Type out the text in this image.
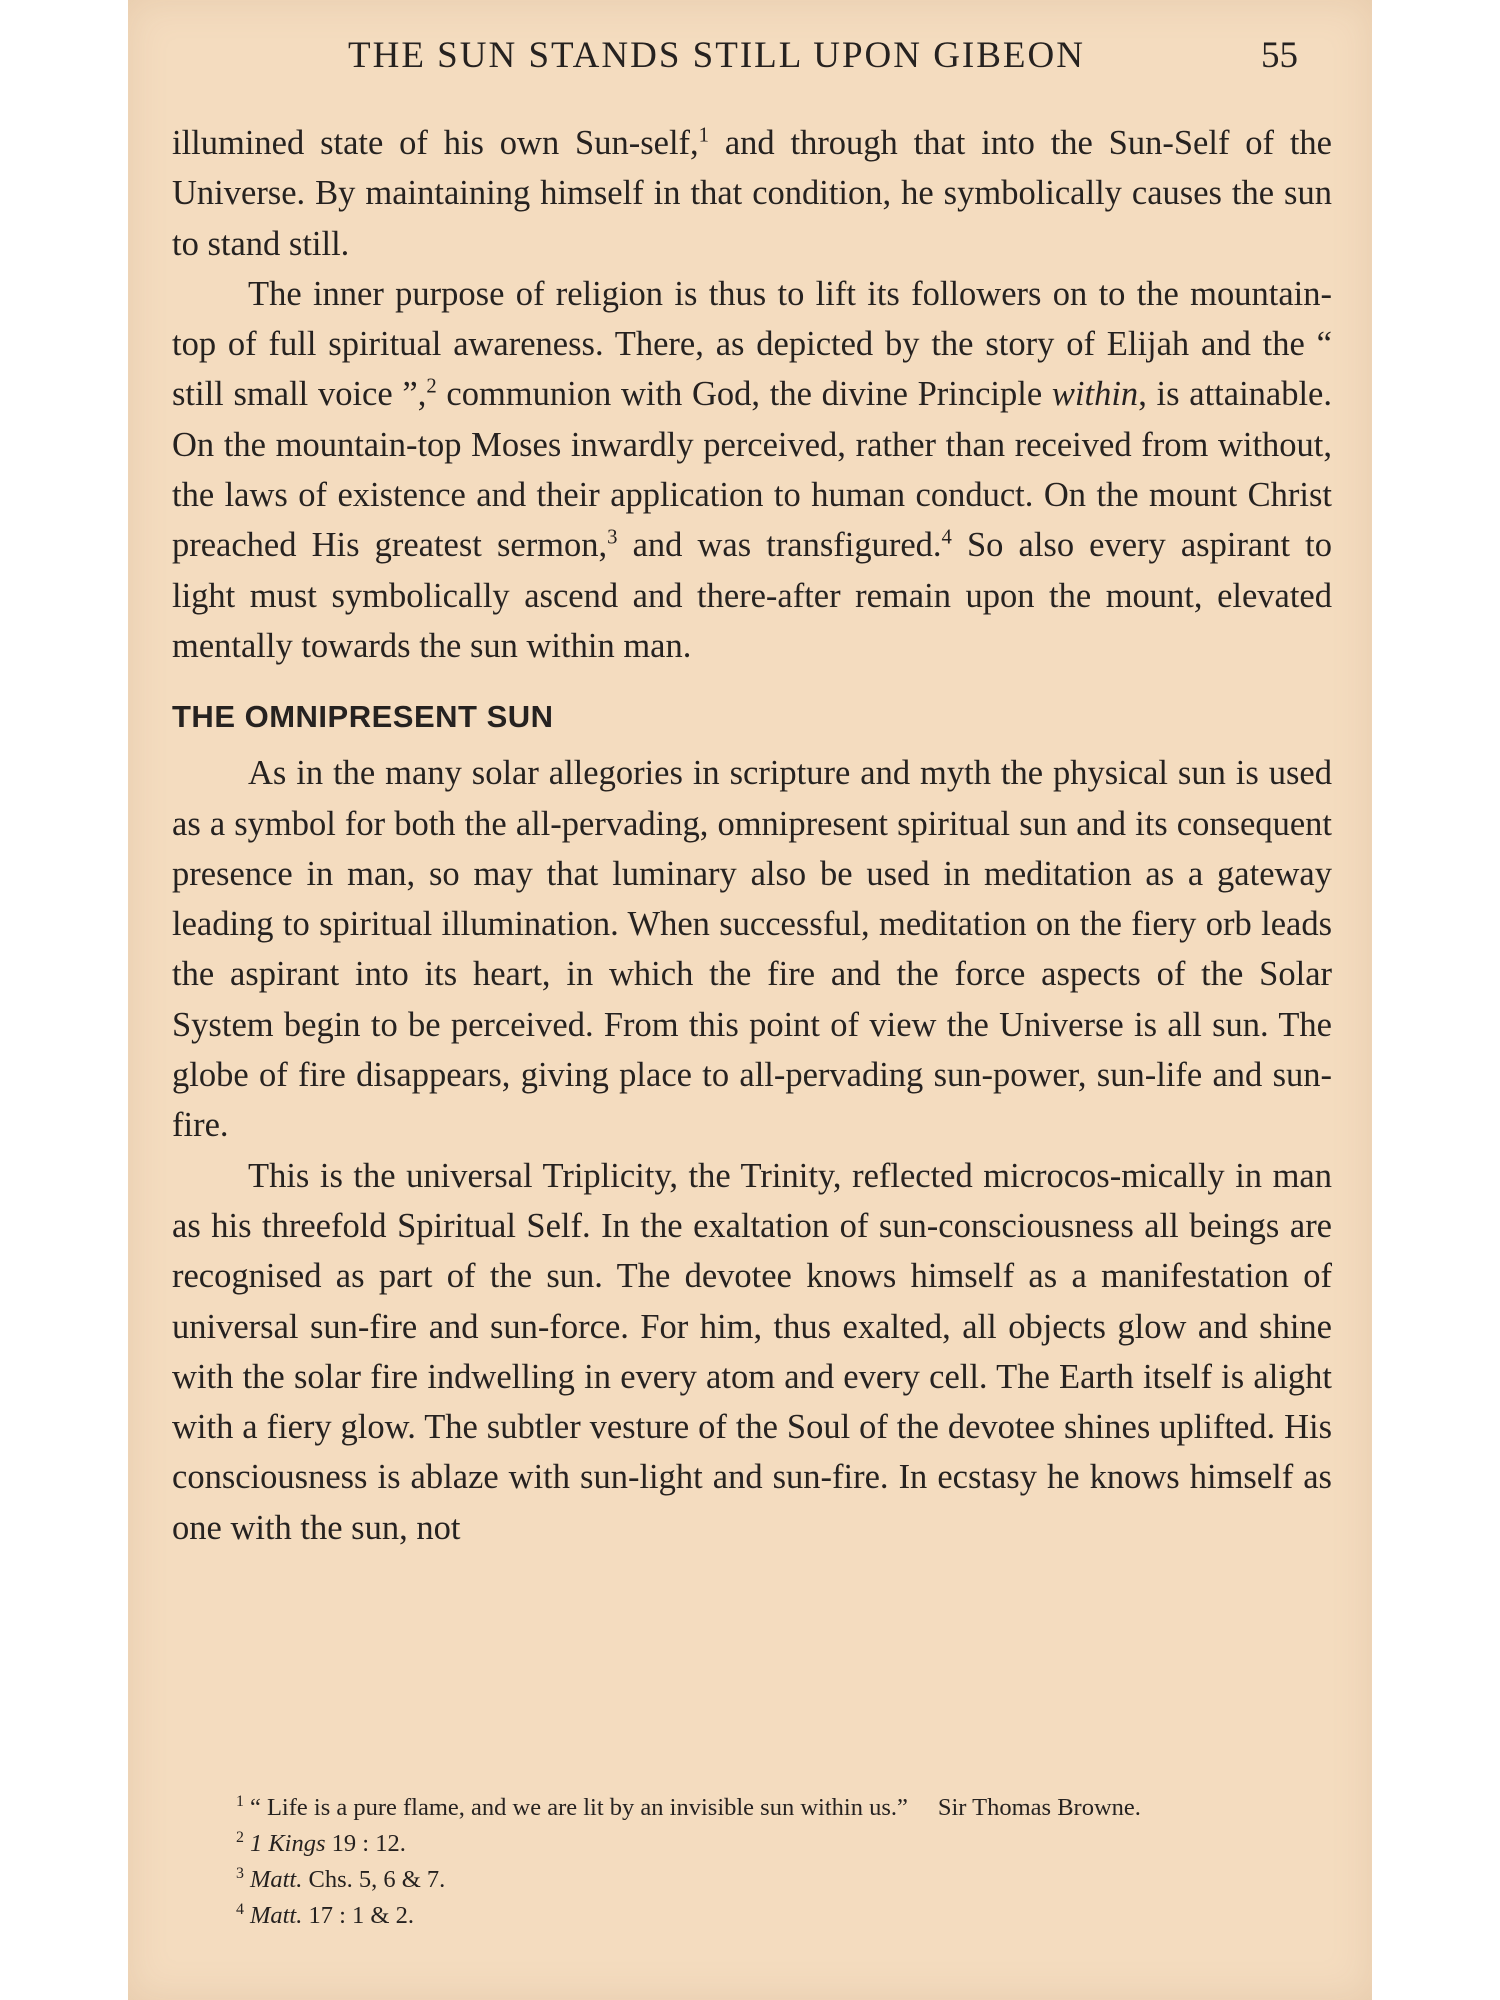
THE SUN STANDS STILL UPON GIBEON	55

illumined state of his own Sun-self,$^1$ and through that into the Sun-Self of the Universe. By maintaining himself in that condition, he symbolically causes the sun to stand still.

The inner purpose of religion is thus to lift its followers on to the mountain-top of full spiritual awareness. There, as depicted by the story of Elijah and the “ still small voice ”,$^2$ communion with God, the divine Principle within, is attainable. On the mountain-top Moses inwardly perceived, rather than received from without, the laws of existence and their application to human conduct. On the mount Christ preached His greatest sermon,$^3$ and was transfigured.$^4$ So also every aspirant to light must symbolically ascend and there-after remain upon the mount, elevated mentally towards the sun within man.

THE OMNIPRESENT SUN

As in the many solar allegories in scripture and myth the physical sun is used as a symbol for both the all-pervading, omnipresent spiritual sun and its consequent presence in man, so may that luminary also be used in meditation as a gateway leading to spiritual illumination. When successful, meditation on the fiery orb leads the aspirant into its heart, in which the fire and the force aspects of the Solar System begin to be perceived. From this point of view the Universe is all sun. The globe of fire disappears, giving place to all-pervading sun-power, sun-life and sun-fire.

This is the universal Triplicity, the Trinity, reflected microcos-mically in man as his threefold Spiritual Self. In the exaltation of sun-consciousness all beings are recognised as part of the sun. The devotee knows himself as a manifestation of universal sun-fire and sun-force. For him, thus exalted, all objects glow and shine with the solar fire indwelling in every atom and every cell. The Earth itself is alight with a fiery glow. The subtler vesture of the Soul of the devotee shines uplifted. His consciousness is ablaze with sun-light and sun-fire. In ecstasy he knows himself as one with the sun, not

$^1$ “ Life is a pure flame, and we are lit by an invisible sun within us.” Sir Thomas Browne.

$^2$ 1 Kings 19 : 12.

$^3$ Matt. Chs. 5, 6 & 7.

$^4$ Matt. 17 : 1 & 2.
